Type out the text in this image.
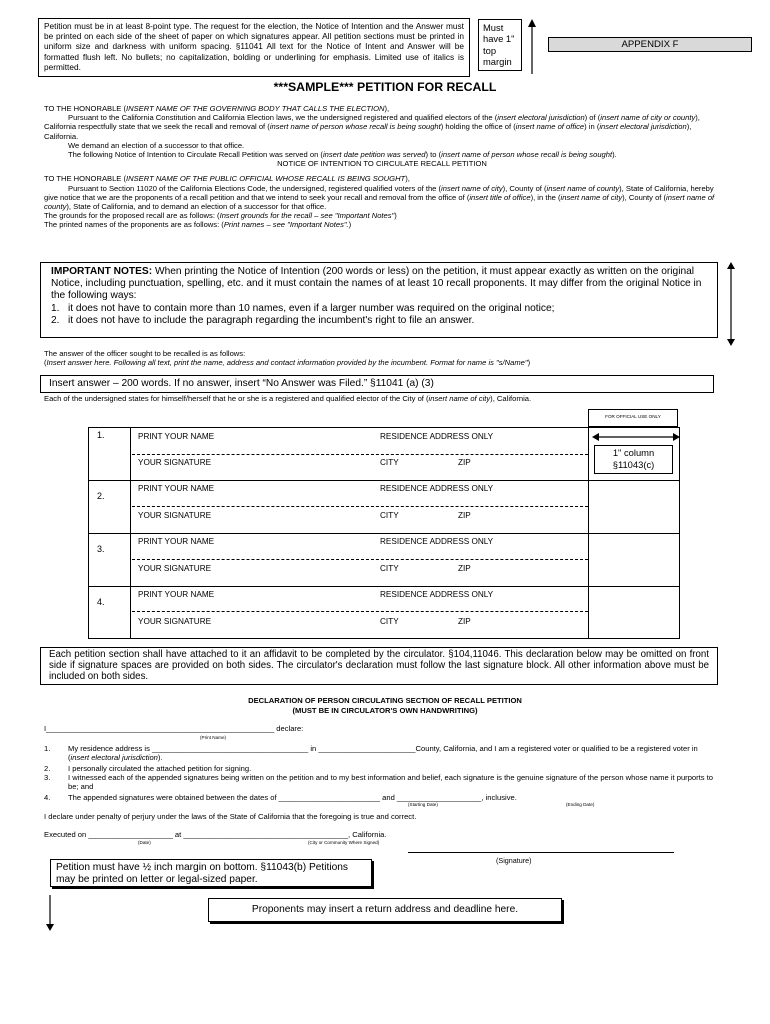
Petition must be in at least 8-point type. The request for the election, the Notice of Intention and the Answer must be printed on each side of the sheet of paper on which signatures appear. All petition sections must be printed in uniform size and darkness with uniform spacing. §11041 All text for the Notice of Intent and Answer will be formatted flush left. No bullets; no capitalization, bolding or underlining for emphasis. Limited use of italics is permitted.
Must have 1" top margin
APPENDIX F
***SAMPLE*** PETITION FOR RECALL
TO THE HONORABLE (INSERT NAME OF THE GOVERNING BODY THAT CALLS THE ELECTION),
Pursuant to the California Constitution and California Election laws, we the undersigned registered and qualified electors of the (insert electoral jurisdiction) of (insert name of city or county), California respectfully state that we seek the recall and removal of (insert name of person whose recall is being sought) holding the office of (insert name of office) in (insert electoral jurisdiction), California.
We demand an election of a successor to that office.
The following Notice of Intention to Circulate Recall Petition was served on (insert date petition was served) to (insert name of person whose recall is being sought).
NOTICE OF INTENTION TO CIRCULATE RECALL PETITION
TO THE HONORABLE (INSERT NAME OF THE PUBLIC OFFICIAL WHOSE RECALL IS BEING SOUGHT),
Pursuant to Section 11020 of the California Elections Code, the undersigned, registered qualified voters of the (insert name of city), County of (insert name of county), State of California, hereby give notice that we are the proponents of a recall petition and that we intend to seek your recall and removal from the office of (insert title of office), in the (insert name of city), County of (insert name of county), State of California, and to demand an election of a successor for that office.
The grounds for the proposed recall are as follows: (Insert grounds for the recall – see "Important Notes")
The printed names of the proponents are as follows: (Print names – see "Important Notes".)
IMPORTANT NOTES: When printing the Notice of Intention (200 words or less) on the petition, it must appear exactly as written on the original Notice, including punctuation, spelling, etc. and it must contain the names of at least 10 recall proponents. It may differ from the original Notice in the following ways:
1. it does not have to contain more than 10 names, even if a larger number was required on the original notice;
2. it does not have to include the paragraph regarding the incumbent's right to file an answer.
The answer of the officer sought to be recalled is as follows:
(Insert answer here. Following all text, print the name, address and contact information provided by the incumbent. Format for name is "s/Name")
Insert answer – 200 words. If no answer, insert “No Answer was Filed.” §11041 (a) (3)
Each of the undersigned states for himself/herself that he or she is a registered and qualified elector of the City of (insert name of city), California.
FOR OFFICIAL USE ONLY
1.	PRINT YOUR NAME	RESIDENCE ADDRESS ONLY
YOUR SIGNATURE	CITY	ZIP
2.
PRINT YOUR NAME	RESIDENCE ADDRESS ONLY
YOUR SIGNATURE	CITY	ZIP
3.
PRINT YOUR NAME	RESIDENCE ADDRESS ONLY
YOUR SIGNATURE	CITY	ZIP
4.
PRINT YOUR NAME	RESIDENCE ADDRESS ONLY
YOUR SIGNATURE	CITY	ZIP
1" column §11043(c)
Each petition section shall have attached to it an affidavit to be completed by the circulator. §104,11046. This declaration below may be omitted on front side if signature spaces are provided on both sides. The circulator's declaration must follow the last signature block. All other information above must be included on both sides.
DECLARATION OF PERSON CIRCULATING SECTION OF RECALL PETITION
(MUST BE IN CIRCULATOR'S OWN HANDWRITING)
I______________________________________________________ declare:
(Print Name)
1. My residence address is _____________________________________ in _______________________County, California, and I am a registered voter or qualified to be a registered voter in (insert electoral jurisdiction).
2. I personally circulated the attached petition for signing.
3. I witnessed each of the appended signatures being written on the petition and to my best information and belief, each signature is the genuine signature of the person whose name it purports to be; and
4. The appended signatures were obtained between the dates of ________________________ and ____________________, inclusive.
(Starting Date)	(Ending Date)
I declare under penalty of perjury under the laws of the State of California that the foregoing is true and correct.
Executed on ____________________ at _______________________________________, California.
(Date)	(City or Community Where Signed)
(Signature)
Petition must have ½ inch margin on bottom. §11043(b) Petitions may be printed on letter or legal-sized paper.
Proponents may insert a return address and deadline here.
